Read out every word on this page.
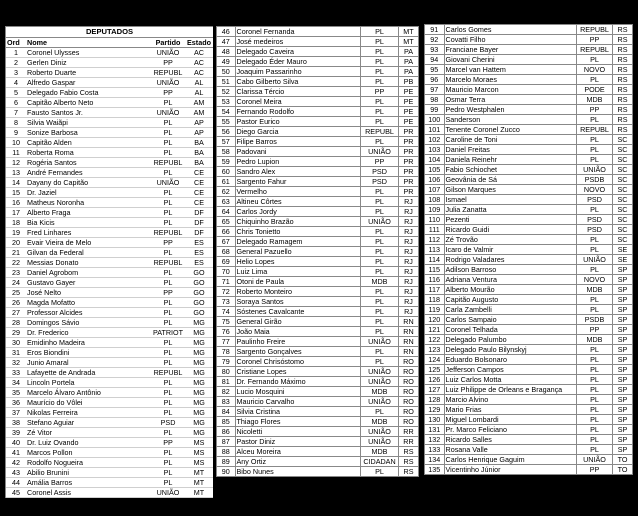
DEPUTADOS			
Ord	Nome	Partido	Estado
1	Coronel Ulysses	UNIÃO	AC
2	Gerlen Diniz	PP	AC
3	Roberto Duarte	REPUBL	AC
4	Alfredo Gaspar	UNIÃO	AL
5	Delegado Fabio Costa	PP	AL
6	Capitão Alberto Neto	PL	AM
7	Fausto Santos Jr.	UNIÃO	AM
8	Silvia Waiãpi	PL	AP
9	Sonize Barbosa	PL	AP
10	Capitão Alden	PL	BA
11	Roberta Roma	PL	BA
12	Rogéria Santos	REPUBL	BA
13	André Fernandes	PL	CE
14	Dayany do Capitão	UNIÃO	CE
15	Dr. Jaziel	PL	CE
16	Matheus Noronha	PL	CE
17	Alberto Fraga	PL	DF
18	Bia Kicis	PL	DF
19	Fred Linhares	REPUBL	DF
20	Evair Vieira de Melo	PP	ES
21	Gilvan da Federal	PL	ES
22	Messias Donato	REPUBL	ES
23	Daniel Agrobom	PL	GO
24	Gustavo Gayer	PL	GO
25	José Nelto	PP	GO
26	Magda Mofatto	PL	GO
27	Professor Alcides	PL	GO
28	Domingos Sávio	PL	MG
29	Dr. Frederico	PATRIOT	MG
30	Emidinho Madeira	PL	MG
31	Eros Biondini	PL	MG
32	Junio Amaral	PL	MG
33	Lafayette de Andrada	REPUBL	MG
34	Lincoln Portela	PL	MG
35	Marcelo Álvaro Antônio	PL	MG
36	Maurício do Vôlei	PL	MG
37	Nikolas Ferreira	PL	MG
38	Stefano Aguiar	PSD	MG
39	Zé Vitor	PL	MG
40	Dr. Luiz Ovando	PP	MS
41	Marcos Pollon	PL	MS
42	Rodolfo Nogueira	PL	MS
43	Abilio Brunini	PL	MT
44	Amália Barros	PL	MT
45	Coronel Assis	UNIÃO	MT
46	Coronel Fernanda	PL	MT
47	José medeiros	PL	MT
48	Delegado Caveira	PL	PA
49	Delegado Éder Mauro	PL	PA
50	Joaquim Passarinho	PL	PA
51	Cabo Gilberto Silva	PL	PB
52	Clarissa Tércio	PP	PE
53	Coronel Meira	PL	PE
54	Fernando Rodolfo	PL	PE
55	Pastor Eurico	PL	PE
56	Diego Garcia	REPUBL	PR
57	Filipe Barros	PL	PR
58	Padovani	UNIÃO	PR
59	Pedro Lupion	PP	PR
60	Sandro Alex	PSD	PR
61	Sargento Fahur	PSD	PR
62	Vermelho	PL	PR
63	Altineu Côrtes	PL	RJ
64	Carlos Jordy	PL	RJ
65	Chiquinho Brazão	UNIÃO	RJ
66	Chris Tonietto	PL	RJ
67	Delegado Ramagem	PL	RJ
68	General Pazuello	PL	RJ
69	Helio Lopes	PL	RJ
70	Luiz Lima	PL	RJ
71	Otoni de Paula	MDB	RJ
72	Roberto Monteiro	PL	RJ
73	Soraya Santos	PL	RJ
74	Sóstenes Cavalcante	PL	RJ
75	General Girão	PL	RN
76	João Maia	PL	RN
77	Paulinho Freire	UNIÃO	RN
78	Sargento Gonçalves	PL	RN
79	Coronel Chrisóstomo	PL	RO
80	Cristiane Lopes	UNIÃO	RO
81	Dr. Fernando Máximo	UNIÃO	RO
82	Lucio Mosquini	MDB	RO
83	Mauricio Carvalho	UNIÃO	RO
84	Silvia Cristina	PL	RO
85	Thiago Flores	MDB	RO
86	Nicoletti	UNIÃO	RR
87	Pastor Diniz	UNIÃO	RR
88	Alceu Moreira	MDB	RS
89	Any Ortiz	CIDADAN	RS
90	Bibo Nunes	PL	RS
91	Carlos Gomes	REPUBL	RS
92	Covatti Filho	PP	RS
93	Franciane Bayer	REPUBL	RS
94	Giovani Cherini	PL	RS
95	Marcel van Hattem	NOVO	RS
96	Marcelo Moraes	PL	RS
97	Mauricio Marcon	PODE	RS
98	Osmar Terra	MDB	RS
99	Pedro Westphalen	PP	RS
100	Sanderson	PL	RS
101	Tenente Coronel Zucco	REPUBL	RS
102	Caroline de Toni	PL	SC
103	Daniel Freitas	PL	SC
104	Daniela Reinehr	PL	SC
105	Fabio Schiochet	UNIÃO	SC
106	Geovânia de Sá	PSDB	SC
107	Gilson Marques	NOVO	SC
108	Ismael	PSD	SC
109	Julia Zanatta	PL	SC
110	Pezenti	PSD	SC
111	Ricardo Guidi	PSD	SC
112	Zé Trovão	PL	SC
113	Icaro de Valmir	PL	SE
114	Rodrigo Valadares	UNIÃO	SE
115	Adilson Barroso	PL	SP
116	Adriana Ventura	NOVO	SP
117	Alberto Mourão	MDB	SP
118	Capitão Augusto	PL	SP
119	Carla Zambelli	PL	SP
120	Carlos Sampaio	PSDB	SP
121	Coronel Telhada	PP	SP
122	Delegado Palumbo	MDB	SP
123	Delegado Paulo Bilynskyj	PL	SP
124	Eduardo Bolsonaro	PL	SP
125	Jefferson Campos	PL	SP
126	Luiz Carlos Motta	PL	SP
127	Luiz Philippe de Orleans e Bragança	PL	SP
128	Marcio Alvino	PL	SP
129	Mario Frias	PL	SP
130	Miguel Lombardi	PL	SP
131	Pr. Marco Feliciano	PL	SP
132	Ricardo Salles	PL	SP
133	Rosana Valle	PL	SP
134	Carlos Henrique Gaguim	UNIÃO	TO
135	Vicentinho Júnior	PP	TO
